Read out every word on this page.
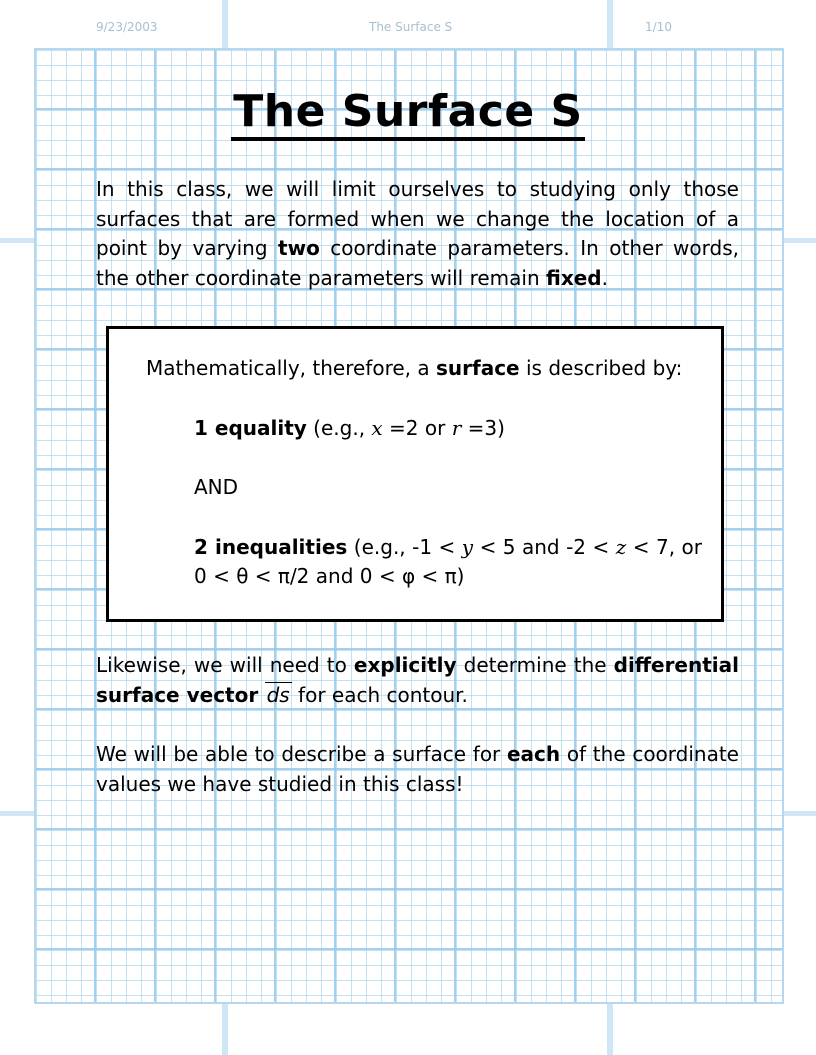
9/23/2003	The Surface S	1/10
The Surface S
In this class, we will limit ourselves to studying only those surfaces that are formed when we change the location of a point by varying two coordinate parameters. In other words, the other coordinate parameters will remain fixed.
Mathematically, therefore, a surface is described by:
1 equality (e.g., x =2 or r =3)
AND
2 inequalities (e.g., -1 < y < 5 and -2 < z < 7, or
0 < θ < π/2 and 0 < φ < π)
Likewise, we will need to explicitly determine the differential surface vector ds for each contour.
We will be able to describe a surface for each of the coordinate values we have studied in this class!
